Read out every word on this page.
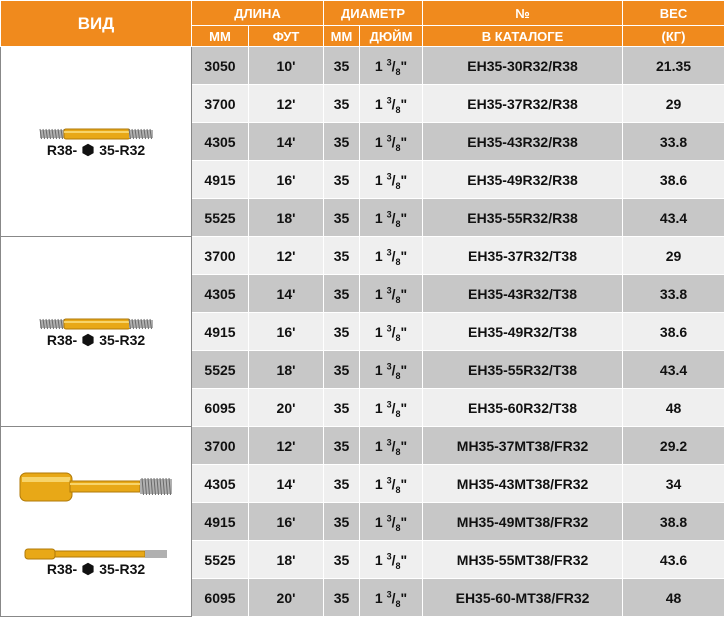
ВИД	ДЛИНА		ДИАМЕТР		№	ВЕС
	ММ	ФУТ	ММ	ДЮЙМ	В КАТАЛОГЕ	(КГ)

R38- 35-R32	3050	10'	35	1 $^3/_8$"	EH35-30R32/R38	21.35
	3700	12'	35	1 $^3/_8$"	EH35-37R32/R38	29
	4305	14'	35	1 $^3/_8$"	EH35-43R32/R38	33.8
	4915	16'	35	1 $^3/_8$"	EH35-49R32/R38	38.6
	5525	18'	35	1 $^3/_8$"	EH35-55R32/R38	43.4

R38- 35-R32	3700	12'	35	1 $^3/_8$"	EH35-37R32/T38	29
	4305	14'	35	1 $^3/_8$"	EH35-43R32/T38	33.8
	4915	16'	35	1 $^3/_8$"	EH35-49R32/T38	38.6
	5525	18'	35	1 $^3/_8$"	EH35-55R32/T38	43.4
	6095	20'	35	1 $^3/_8$"	EH35-60R32/T38	48

R38- 35-R32	3700	12'	35	1 $^3/_8$"	MH35-37MT38/FR32	29.2
	4305	14'	35	1 $^3/_8$"	MH35-43MT38/FR32	34
	4915	16'	35	1 $^3/_8$"	MH35-49MT38/FR32	38.8
	5525	18'	35	1 $^3/_8$"	MH35-55MT38/FR32	43.6
	6095	20'	35	1 $^3/_8$"	EH35-60-MT38/FR32	48
